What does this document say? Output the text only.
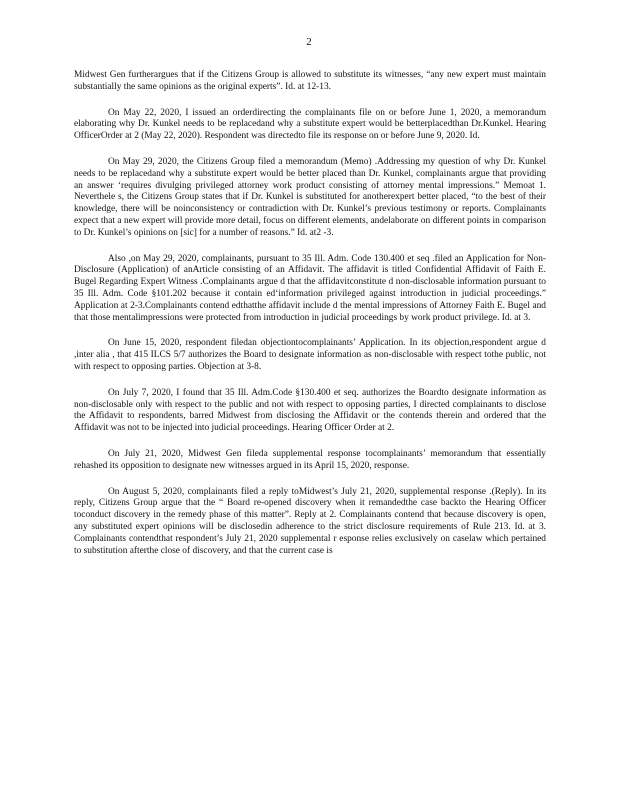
2

Midwest Gen furtherargues that if the Citizens Group is allowed to substitute its witnesses, “any new expert must maintain substantially the same opinions as the original experts”. Id. at 12-13.

On May 22, 2020, I issued an orderdirecting the complainants file on or before June 1, 2020, a memorandum elaborating why Dr. Kunkel needs to be replacedand why a substitute expert would be betterplacedthan Dr.Kunkel. Hearing OfficerOrder at 2 (May 22, 2020). Respondent was directedto file its response on or before June 9, 2020. Id.

On May 29, 2020, the Citizens Group filed a memorandum (Memo) .Addressing my question of why Dr. Kunkel needs to be replacedand why a substitute expert would be better placed than Dr. Kunkel, complainants argue that providing an answer ‘requires divulging privileged attorney work product consisting of attorney mental impressions.” Memoat 1. Neverthele s, the Citizens Group states that if Dr. Kunkel is substituted for anotherexpert better placed, “to the best of their knowledge, there will be noinconsistency or contradiction with Dr. Kunkel’s previous testimony or reports. Complainants expect that a new expert will provide more detail, focus on different elements, andelaborate on different points in comparison to Dr. Kunkel’s opinions on [sic] for a number of reasons.” Id. at2 -3.

Also ,on May 29, 2020, complainants, pursuant to 35 Ill. Adm. Code 130.400 et seq .filed an Application for Non-Disclosure (Application) of anArticle consisting of an Affidavit. The affidavit is titled Confidential Affidavit of Faith E. Bugel Regarding Expert Witness .Complainants argue d that the affidavitconstitute d non-disclosable information pursuant to 35 Ill. Adm. Code §101.202 because it contain ed‘information privileged against introduction in judicial proceedings.” Application at 2-3.Complainants contend edthatthe affidavit include d the mental impressions of Attorney Faith E. Bugel and that those mentalimpressions were protected from introduction in judicial proceedings by work product privilege. Id. at 3.

On June 15, 2020, respondent filedan objectiontocomplainants’ Application. In its objection,respondent argue d ,inter alia , that 415 ILCS 5/7 authorizes the Board to designate information as non-disclosable with respect tothe public, not with respect to opposing parties. Objection at 3-8.

On July 7, 2020, I found that 35 Ill. Adm.Code §130.400 et seq. authorizes the Boardto designate information as non-disclosable only with respect to the public and not with respect to opposing parties, I directed complainants to disclose the Affidavit to respondents, barred Midwest from disclosing the Affidavit or the contends therein and ordered that the Affidavit was not to be injected into judicial proceedings. Hearing Officer Order at 2.

On July 21, 2020, Midwest Gen fileda supplemental response tocomplainants’ memorandum that essentially rehashed its opposition to designate new witnesses argued in its April 15, 2020, response.

On August 5, 2020, complainants filed a reply toMidwest’s July 21, 2020, supplemental response .(Reply). In its reply, Citizens Group argue that the “ Board re-opened discovery when it remandedthe case backto the Hearing Officer toconduct discovery in the remedy phase of this matter”. Reply at 2. Complainants contend that because discovery is open, any substituted expert opinions will be disclosedin adherence to the strict disclosure requirements of Rule 213. Id. at 3. Complainants contendthat respondent’s July 21, 2020 supplemental r esponse relies exclusively on caselaw which pertained to substitution afterthe close of discovery, and that the current case is
